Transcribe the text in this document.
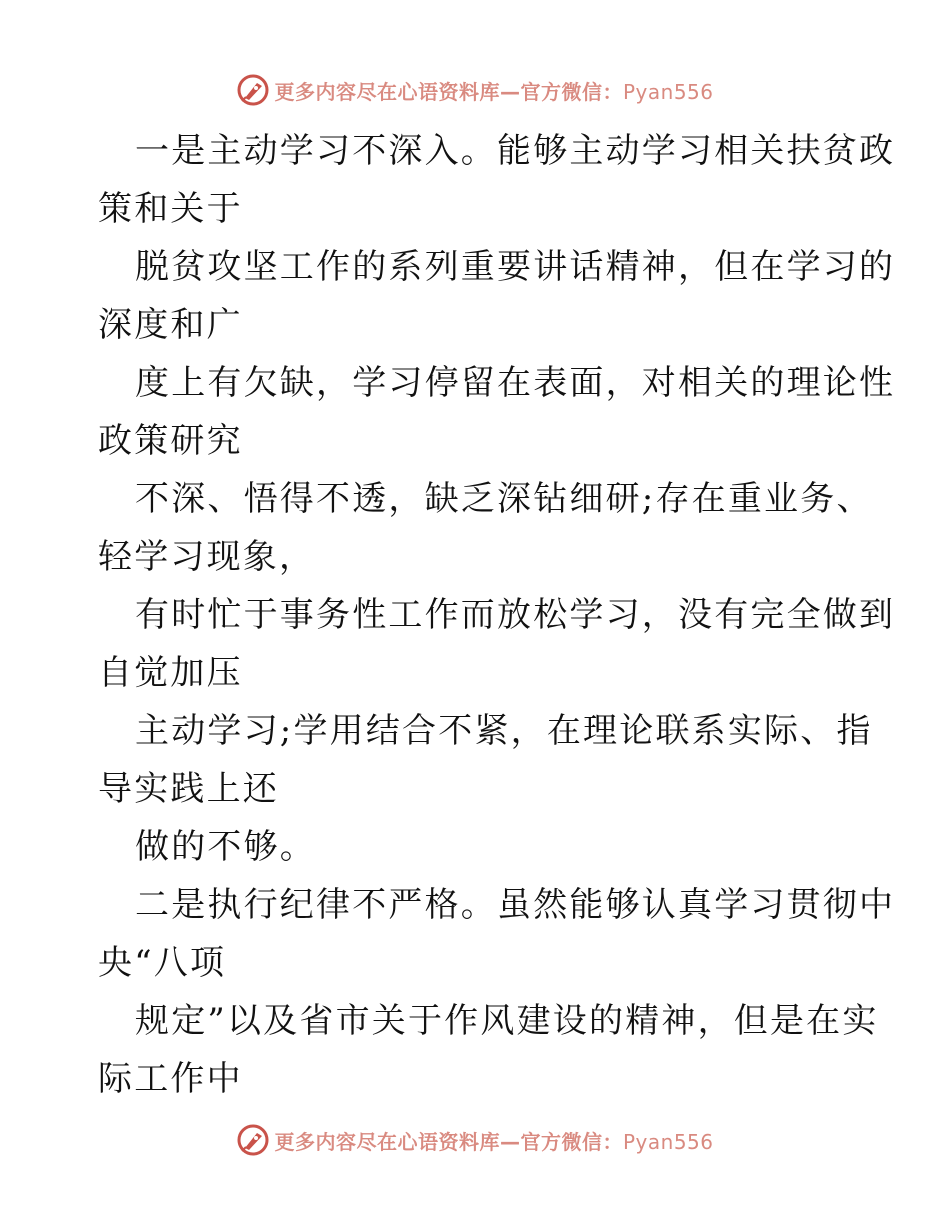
更多内容尽在心语资料库—官方微信：Pyan556
一是主动学习不深入。能够主动学习相关扶贫政
策和关于
脱贫攻坚工作的系列重要讲话精神，但在学习的
深度和广
度上有欠缺，学习停留在表面，对相关的理论性
政策研究
不深、悟得不透，缺乏深钻细研;存在重业务、
轻学习现象，
有时忙于事务性工作而放松学习，没有完全做到
自觉加压
主动学习;学用结合不紧，在理论联系实际、指
导实践上还
做的不够。
二是执行纪律不严格。虽然能够认真学习贯彻中
央“八项
规定”以及省市关于作风建设的精神，但是在实
际工作中
更多内容尽在心语资料库—官方微信：Pyan556
